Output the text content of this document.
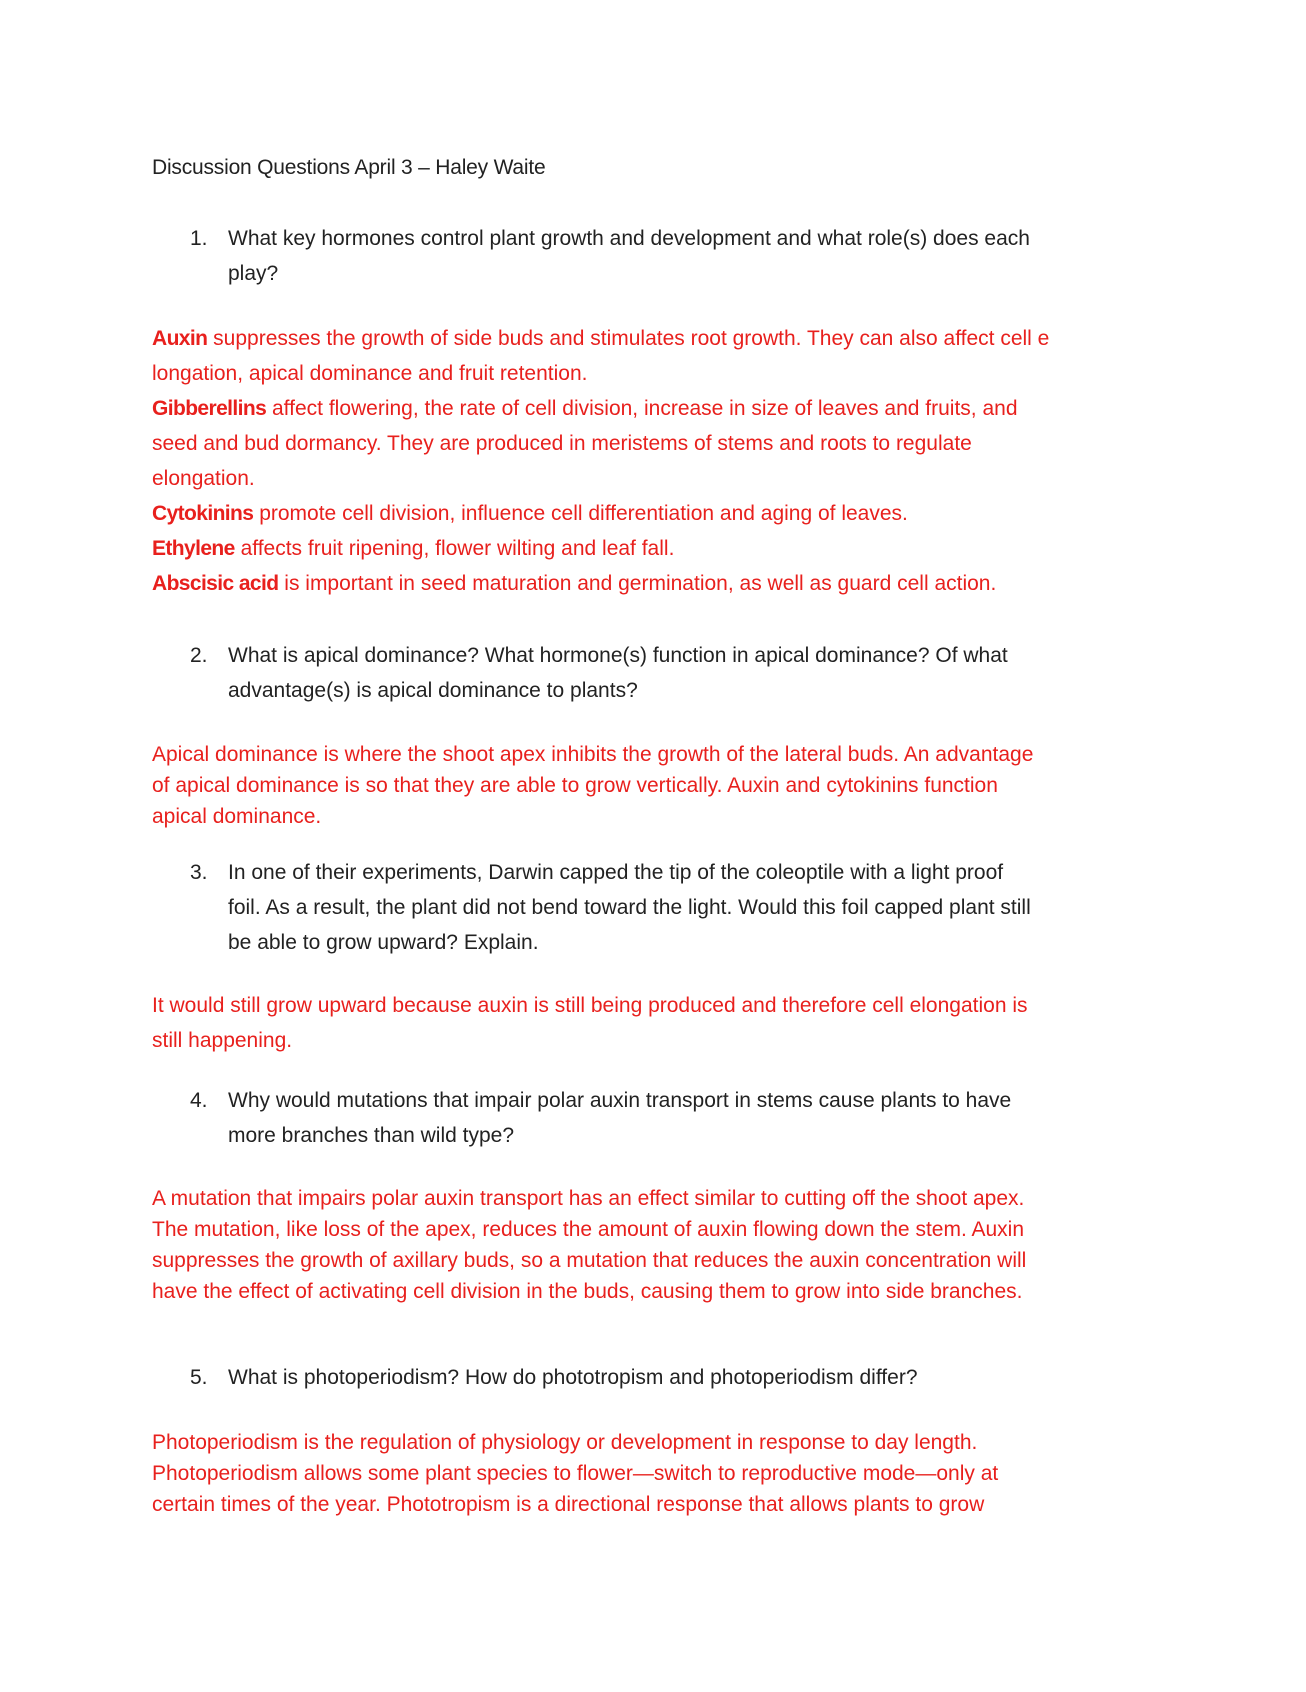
Discussion Questions April 3 – Haley Waite
1. What key hormones control plant growth and development and what role(s) does each
play?
Auxin suppresses the growth of side buds and stimulates root growth. They can also affect cell e
longation, apical dominance and fruit retention.
Gibberellins affect flowering, the rate of cell division, increase in size of leaves and fruits, and
seed and bud dormancy. They are produced in meristems of stems and roots to regulate
elongation.
Cytokinins promote cell division, influence cell differentiation and aging of leaves.
Ethylene affects fruit ripening, flower wilting and leaf fall.
Abscisic acid is important in seed maturation and germination, as well as guard cell action.
2. What is apical dominance? What hormone(s) function in apical dominance? Of what
advantage(s) is apical dominance to plants?
Apical dominance is where the shoot apex inhibits the growth of the lateral buds. An advantage
of apical dominance is so that they are able to grow vertically. Auxin and cytokinins function
apical dominance.
3. In one of their experiments, Darwin capped the tip of the coleoptile with a light proof
foil. As a result, the plant did not bend toward the light. Would this foil capped plant still
be able to grow upward? Explain.
It would still grow upward because auxin is still being produced and therefore cell elongation is
still happening.
4. Why would mutations that impair polar auxin transport in stems cause plants to have
more branches than wild type?
A mutation that impairs polar auxin transport has an effect similar to cutting off the shoot apex.
The mutation, like loss of the apex, reduces the amount of auxin flowing down the stem. Auxin
suppresses the growth of axillary buds, so a mutation that reduces the auxin concentration will
have the effect of activating cell division in the buds, causing them to grow into side branches.
5. What is photoperiodism? How do phototropism and photoperiodism differ?
Photoperiodism is the regulation of physiology or development in response to day length.
Photoperiodism allows some plant species to flower—switch to reproductive mode—only at
certain times of the year. Phototropism is a directional response that allows plants to grow
